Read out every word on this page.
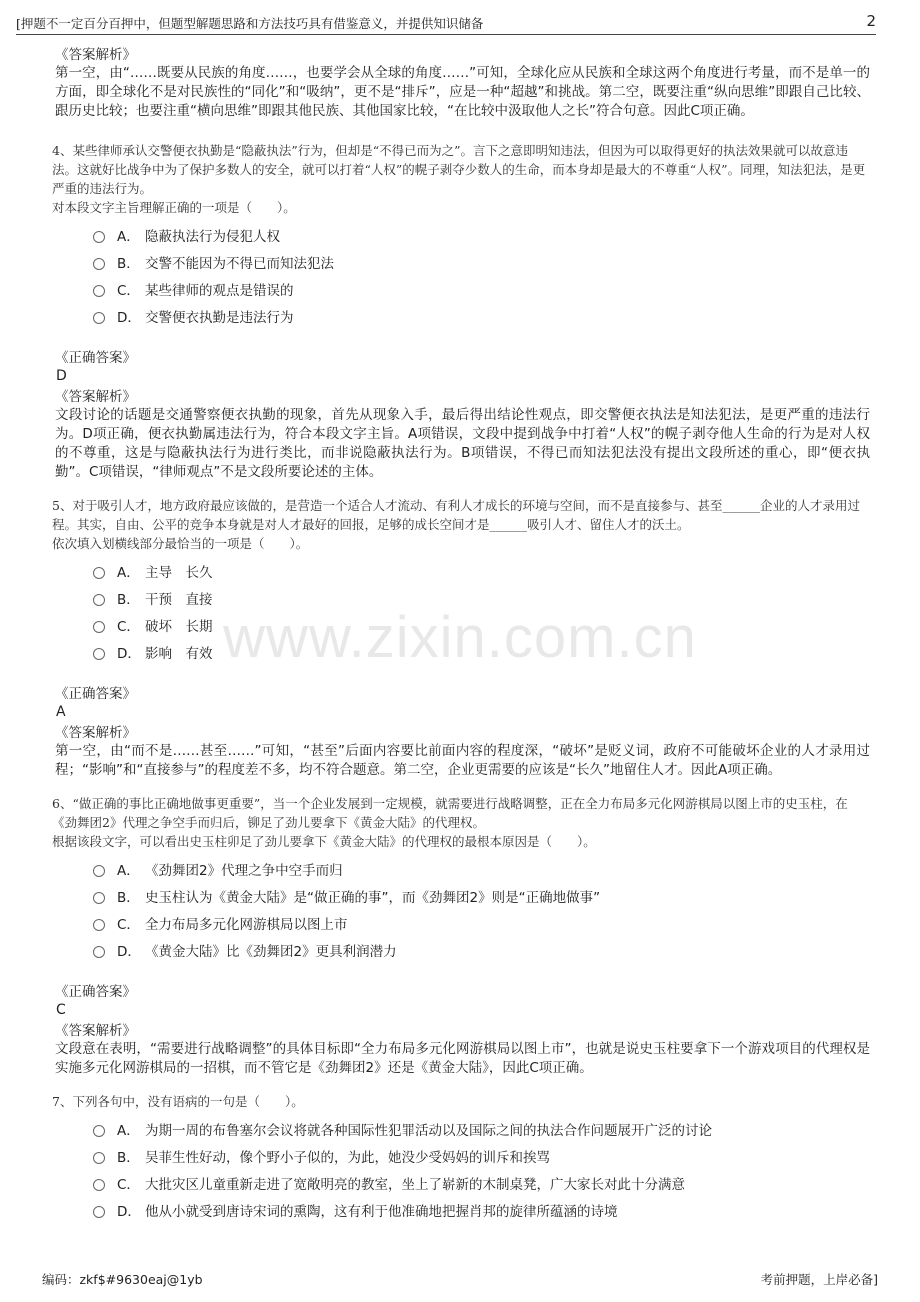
[押题不一定百分百押中，但题型解题思路和方法技巧具有借鉴意义，并提供知识储备	2
www.zixin.com.cn
《答案解析》
第一空，由“……既要从民族的角度……，也要学会从全球的角度……”可知，全球化应从民族和全球这两个角度进行考量，而不是单一的方面，即全球化不是对民族性的“同化”和“吸纳”，更不是“排斥”，应是一种“超越”和挑战。第二空，既要注重“纵向思维”即跟自己比较、跟历史比较；也要注重“横向思维”即跟其他民族、其他国家比较，“在比较中汲取他人之长”符合句意。因此C项正确。
4、某些律师承认交警便衣执勤是“隐蔽执法”行为，但却是“不得已而为之”。言下之意即明知违法，但因为可以取得更好的执法效果就可以故意违法。这就好比战争中为了保护多数人的安全，就可以打着“人权”的幌子剥夺少数人的生命，而本身却是最大的不尊重“人权”。同理，知法犯法，是更严重的违法行为。
对本段文字主旨理解正确的一项是（　　）。
A． 隐蔽执法行为侵犯人权
B． 交警不能因为不得已而知法犯法
C． 某些律师的观点是错误的
D． 交警便衣执勤是违法行为
《正确答案》
D
《答案解析》
文段讨论的话题是交通警察便衣执勤的现象，首先从现象入手，最后得出结论性观点，即交警便衣执法是知法犯法，是更严重的违法行为。D项正确，便衣执勤属违法行为，符合本段文字主旨。A项错误，文段中提到战争中打着“人权”的幌子剥夺他人生命的行为是对人权的不尊重，这是与隐蔽执法行为进行类比，而非说隐蔽执法行为。B项错误，不得已而知法犯法没有提出文段所述的重心，即“便衣执勤”。C项错误，“律师观点”不是文段所要论述的主体。
5、对于吸引人才，地方政府最应该做的，是营造一个适合人才流动、有利人才成长的环境与空间，而不是直接参与、甚至______企业的人才录用过程。其实，自由、公平的竞争本身就是对人才最好的回报，足够的成长空间才是______吸引人才、留住人才的沃土。
依次填入划横线部分最恰当的一项是（　　）。
A． 主导　长久
B． 干预　直接
C． 破坏　长期
D． 影响　有效
《正确答案》
A
《答案解析》
第一空，由“而不是……甚至……”可知，“甚至”后面内容要比前面内容的程度深，“破坏”是贬义词，政府不可能破坏企业的人才录用过程；“影响”和“直接参与”的程度差不多，均不符合题意。第二空，企业更需要的应该是“长久”地留住人才。因此A项正确。
6、“做正确的事比正确地做事更重要”，当一个企业发展到一定规模，就需要进行战略调整，正在全力布局多元化网游棋局以图上市的史玉柱，在《劲舞团2》代理之争空手而归后，铆足了劲儿要拿下《黄金大陆》的代理权。
根据该段文字，可以看出史玉柱卯足了劲儿要拿下《黄金大陆》的代理权的最根本原因是（　　）。
A． 《劲舞团2》代理之争中空手而归
B． 史玉柱认为《黄金大陆》是“做正确的事”，而《劲舞团2》则是“正确地做事”
C． 全力布局多元化网游棋局以图上市
D． 《黄金大陆》比《劲舞团2》更具利润潜力
《正确答案》
C
《答案解析》
文段意在表明，“需要进行战略调整”的具体目标即“全力布局多元化网游棋局以图上市”，也就是说史玉柱要拿下一个游戏项目的代理权是实施多元化网游棋局的一招棋，而不管它是《劲舞团2》还是《黄金大陆》，因此C项正确。
7、下列各句中，没有语病的一句是（　　）。
A． 为期一周的布鲁塞尔会议将就各种国际性犯罪活动以及国际之间的执法合作问题展开广泛的讨论
B． 吴菲生性好动，像个野小子似的，为此，她没少受妈妈的训斥和挨骂
C． 大批灾区儿童重新走进了宽敞明亮的教室，坐上了崭新的木制桌凳，广大家长对此十分满意
D． 他从小就受到唐诗宋词的熏陶，这有利于他准确地把握肖邦的旋律所蕴涵的诗境
编码：zkf$#9630eaj@1yb	考前押题，上岸必备]
